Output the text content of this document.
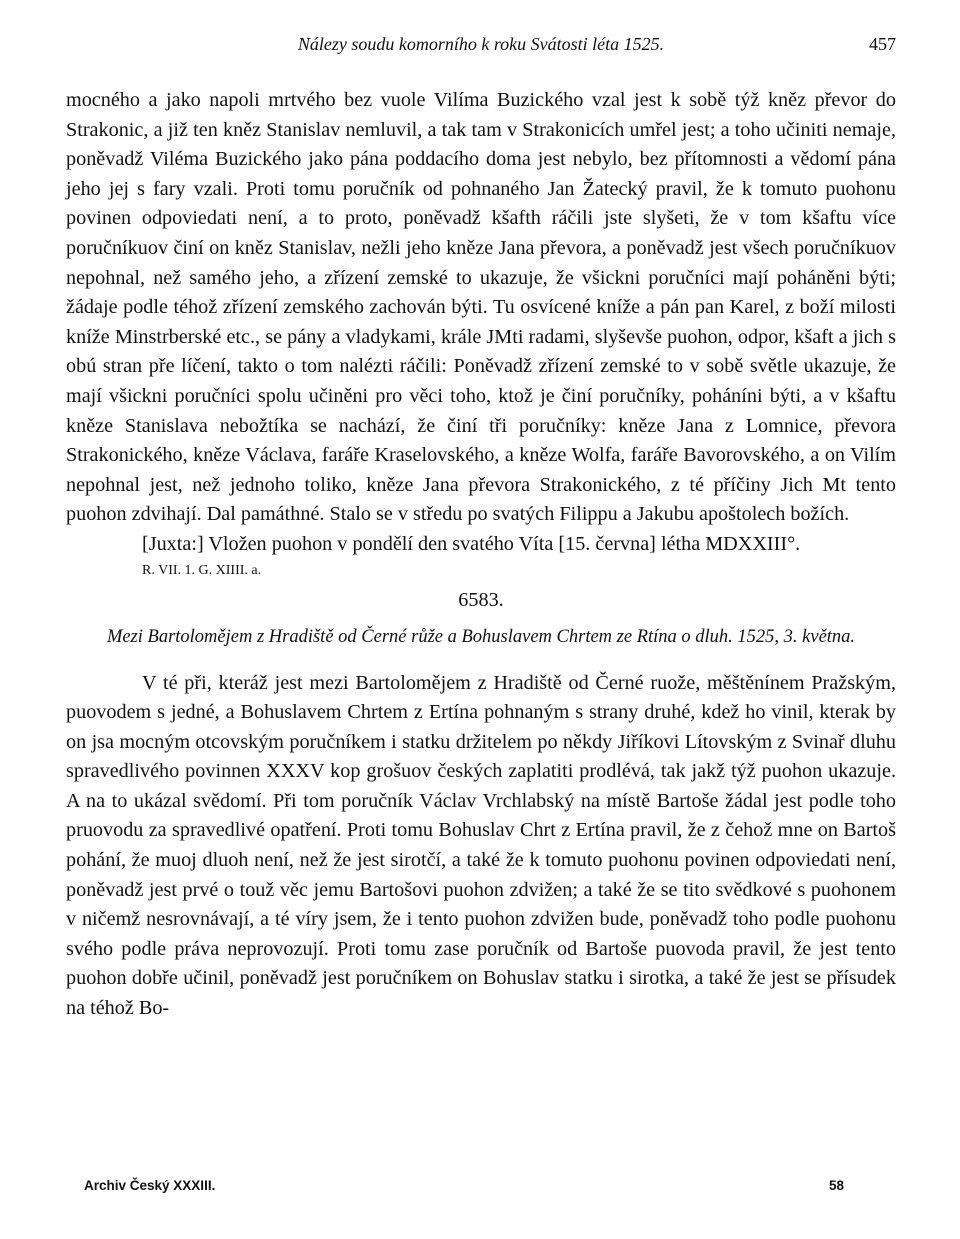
Nálezy soudu komorního k roku Svátosti léta 1525.	457

mocného a jako napoli mrtvého bez vuole Vilíma Buzického vzal jest k sobě týž kněz převor do Strakonic, a již ten kněz Stanislav nemluvil, a tak tam v Strakonicích umřel jest; a toho učiniti nemaje, poněvadž Viléma Buzického jako pána poddacího doma jest nebylo, bez přítomnosti a vědomí pána jeho jej s fary vzali. Proti tomu poručník od pohnaného Jan Žatecký pravil, že k tomuto puohonu povinen odpoviedati není, a to proto, poněvadž kšafth ráčili jste slyšeti, že v tom kšaftu více poručníkuov činí on kněz Stanislav, nežli jeho kněze Jana převora, a poněvadž jest všech poručníkuov nepohnal, než samého jeho, a zřízení zemské to ukazuje, že všickni poručníci mají poháněni býti; žádaje podle téhož zřízení zemského zachován býti. Tu osvícené kníže a pán pan Karel, z boží milosti kníže Minstrberské etc., se pány a vladykami, krále JMti radami, slyševše puohon, odpor, kšaft a jich s obú stran pře líčení, takto o tom nalézti ráčili: Poněvadž zřízení zemské to v sobě světle ukazuje, že mají všickni poručníci spolu učiněni pro věci toho, ktož je činí poručníky, poháníni býti, a v kšaftu kněze Stanislava nebožtíka se nachází, že činí tři poručníky: kněze Jana z Lomnice, převora Strakonického, kněze Václava, faráře Kraselovského, a kněze Wolfa, faráře Bavorovského, a on Vilím nepohnal jest, než jednoho toliko, kněze Jana převora Strakonického, z té příčiny Jich Mt tento puohon zdvihají. Dal památhné. Stalo se v středu po svatých Filippu a Jakubu apoštolech božích.

[Juxta:] Vložen puohon v pondělí den svatého Víta [15. června] létha MDXXIII°.

R. VII. 1. G. XIIII. a.

6583.

Mezi Bartolomějem z Hradiště od Černé růže a Bohuslavem Chrtem ze Rtína o dluh. 1525, 3. května.

V té při, kteráž jest mezi Bartolomějem z Hradiště od Černé ruože, měštěnínem Pražským, puovodem s jedné, a Bohuslavem Chrtem z Ertína pohnaným s strany druhé, kdež ho vinil, kterak by on jsa mocným otcovským poručníkem i statku držitelem po někdy Jiříkovi Lítovským z Svinař dluhu spravedlivého povinnen XXXV kop grošuov českých zaplatiti prodlévá, tak jakž týž puohon ukazuje. A na to ukázal svědomí. Při tom poručník Václav Vrchlabský na místě Bartoše žádal jest podle toho pruovodu za spravedlivé opatření. Proti tomu Bohuslav Chrt z Ertína pravil, že z čehož mne on Bartoš pohání, že muoj dluoh není, než že jest sirotčí, a také že k tomuto puohonu povinen odpoviedati není, poněvadž jest prvé o touž věc jemu Bartošovi puohon zdvižen; a také že se tito svědkové s puohonem v ničemž nesrovnávají, a té víry jsem, že i tento puohon zdvižen bude, poněvadž toho podle puohonu svého podle práva neprovozují. Proti tomu zase poručník od Bartoše puovoda pravil, že jest tento puohon dobře učinil, poněvadž jest poručníkem on Bohuslav statku i sirotka, a také že jest se přísudek na téhož Bo-

Archiv Český XXXIII.	58
